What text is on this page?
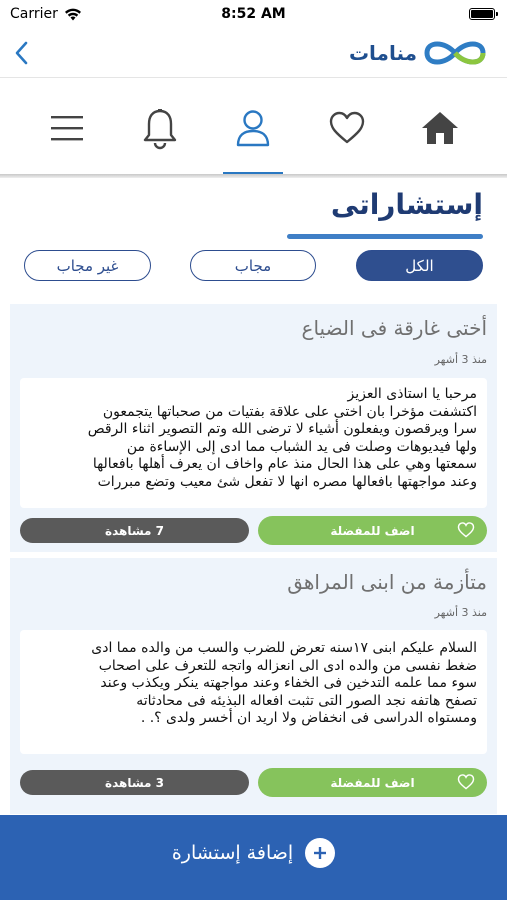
Carrier	8:52 AM
منامات
إستشاراتى
غير مجاب	مجاب	الكل
أختى غارقة فى الضياع
منذ 3 أشهر
مرحبا يا استاذى العزيز
اكتشفت مؤخرا بان اختى على علاقة بفتيات من صحباتها يتجمعون
سرا ويرقصون ويفعلون أشياء لا ترضى الله وتم التصوير اثناء الرقص
ولها فيديوهات وصلت فى يد الشباب مما ادى إلى الإساءة من
سمعتها وهي على هذا الحال منذ عام واخاف ان يعرف أهلها بافعالها
وعند مواجهتها بافعالها مصره انها لا تفعل شئ معيب وتضع مبررات
اضف للمفضلة
7 مشاهدة
متأزمة من ابنى المراهق
منذ 3 أشهر
السلام عليكم ابنى ١٧سنه تعرض للضرب والسب من والده مما ادى
ضغط نفسى من والده ادى الى انعزاله واتجه للتعرف على اصحاب
سوء مما علمه التدخين فى الخفاء وعند مواجهته ينكر ويكذب وعند
تصفح هاتفه نجد الصور التى تثبت افعاله البذيئه فى محادثاته
ومستواه الدراسى فى انخفاض ولا اريد ان أخسر ولدى ؟. .
اضف للمفضلة
3 مشاهدة
إضافة إستشارة
